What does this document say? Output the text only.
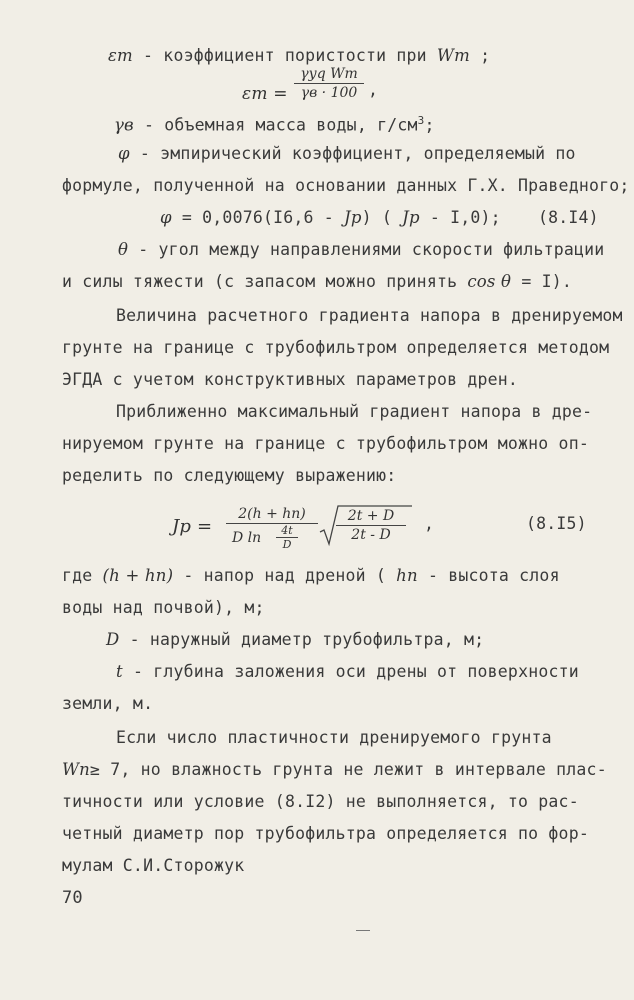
εт - коэффициент пористости при Wт ;
εт =
γуq Wт
γв · 100 ,
γв - объемная масса воды, $г/см^3$;
φ - эмпирический коэффициент, определяемый по
формуле, полученной на основании данных Г.Х. Праведного;
φ = 0,0076(I6,6 - Jр) ( Jр - I,0); (8.I4)
θ - угол между направлениями скорости фильтрации
и силы тяжести (с запасом можно принять cos θ = I).
Величина расчетного градиента напора в дренируемом
грунте на границе с трубофильтром определяется методом
ЭГДА с учетом конструктивных параметров дрен.
Приближенно максимальный градиент напора в дре-
нируемом грунте на границе с трубофильтром можно оп-
ределить по следующему выражению:
Jр =
2(h + hп)
D ln	4t
D
$\frac{2t + D}{2t - D}$ ,	(8.I5)
где (h + hп) - напор над дреной ( hп - высота слоя
воды над почвой), м;
D - наружный диаметр трубофильтра, м;
t - глубина заложения оси дрены от поверхности
земли, м.
Если число пластичности дренируемого грунта
Wп≥ 7, но влажность грунта не лежит в интервале плас-
тичности или условие (8.I2) не выполняется, то рас-
четный диаметр пор трубофильтра определяется по фор-
мулам С.И.Сторожук
70
